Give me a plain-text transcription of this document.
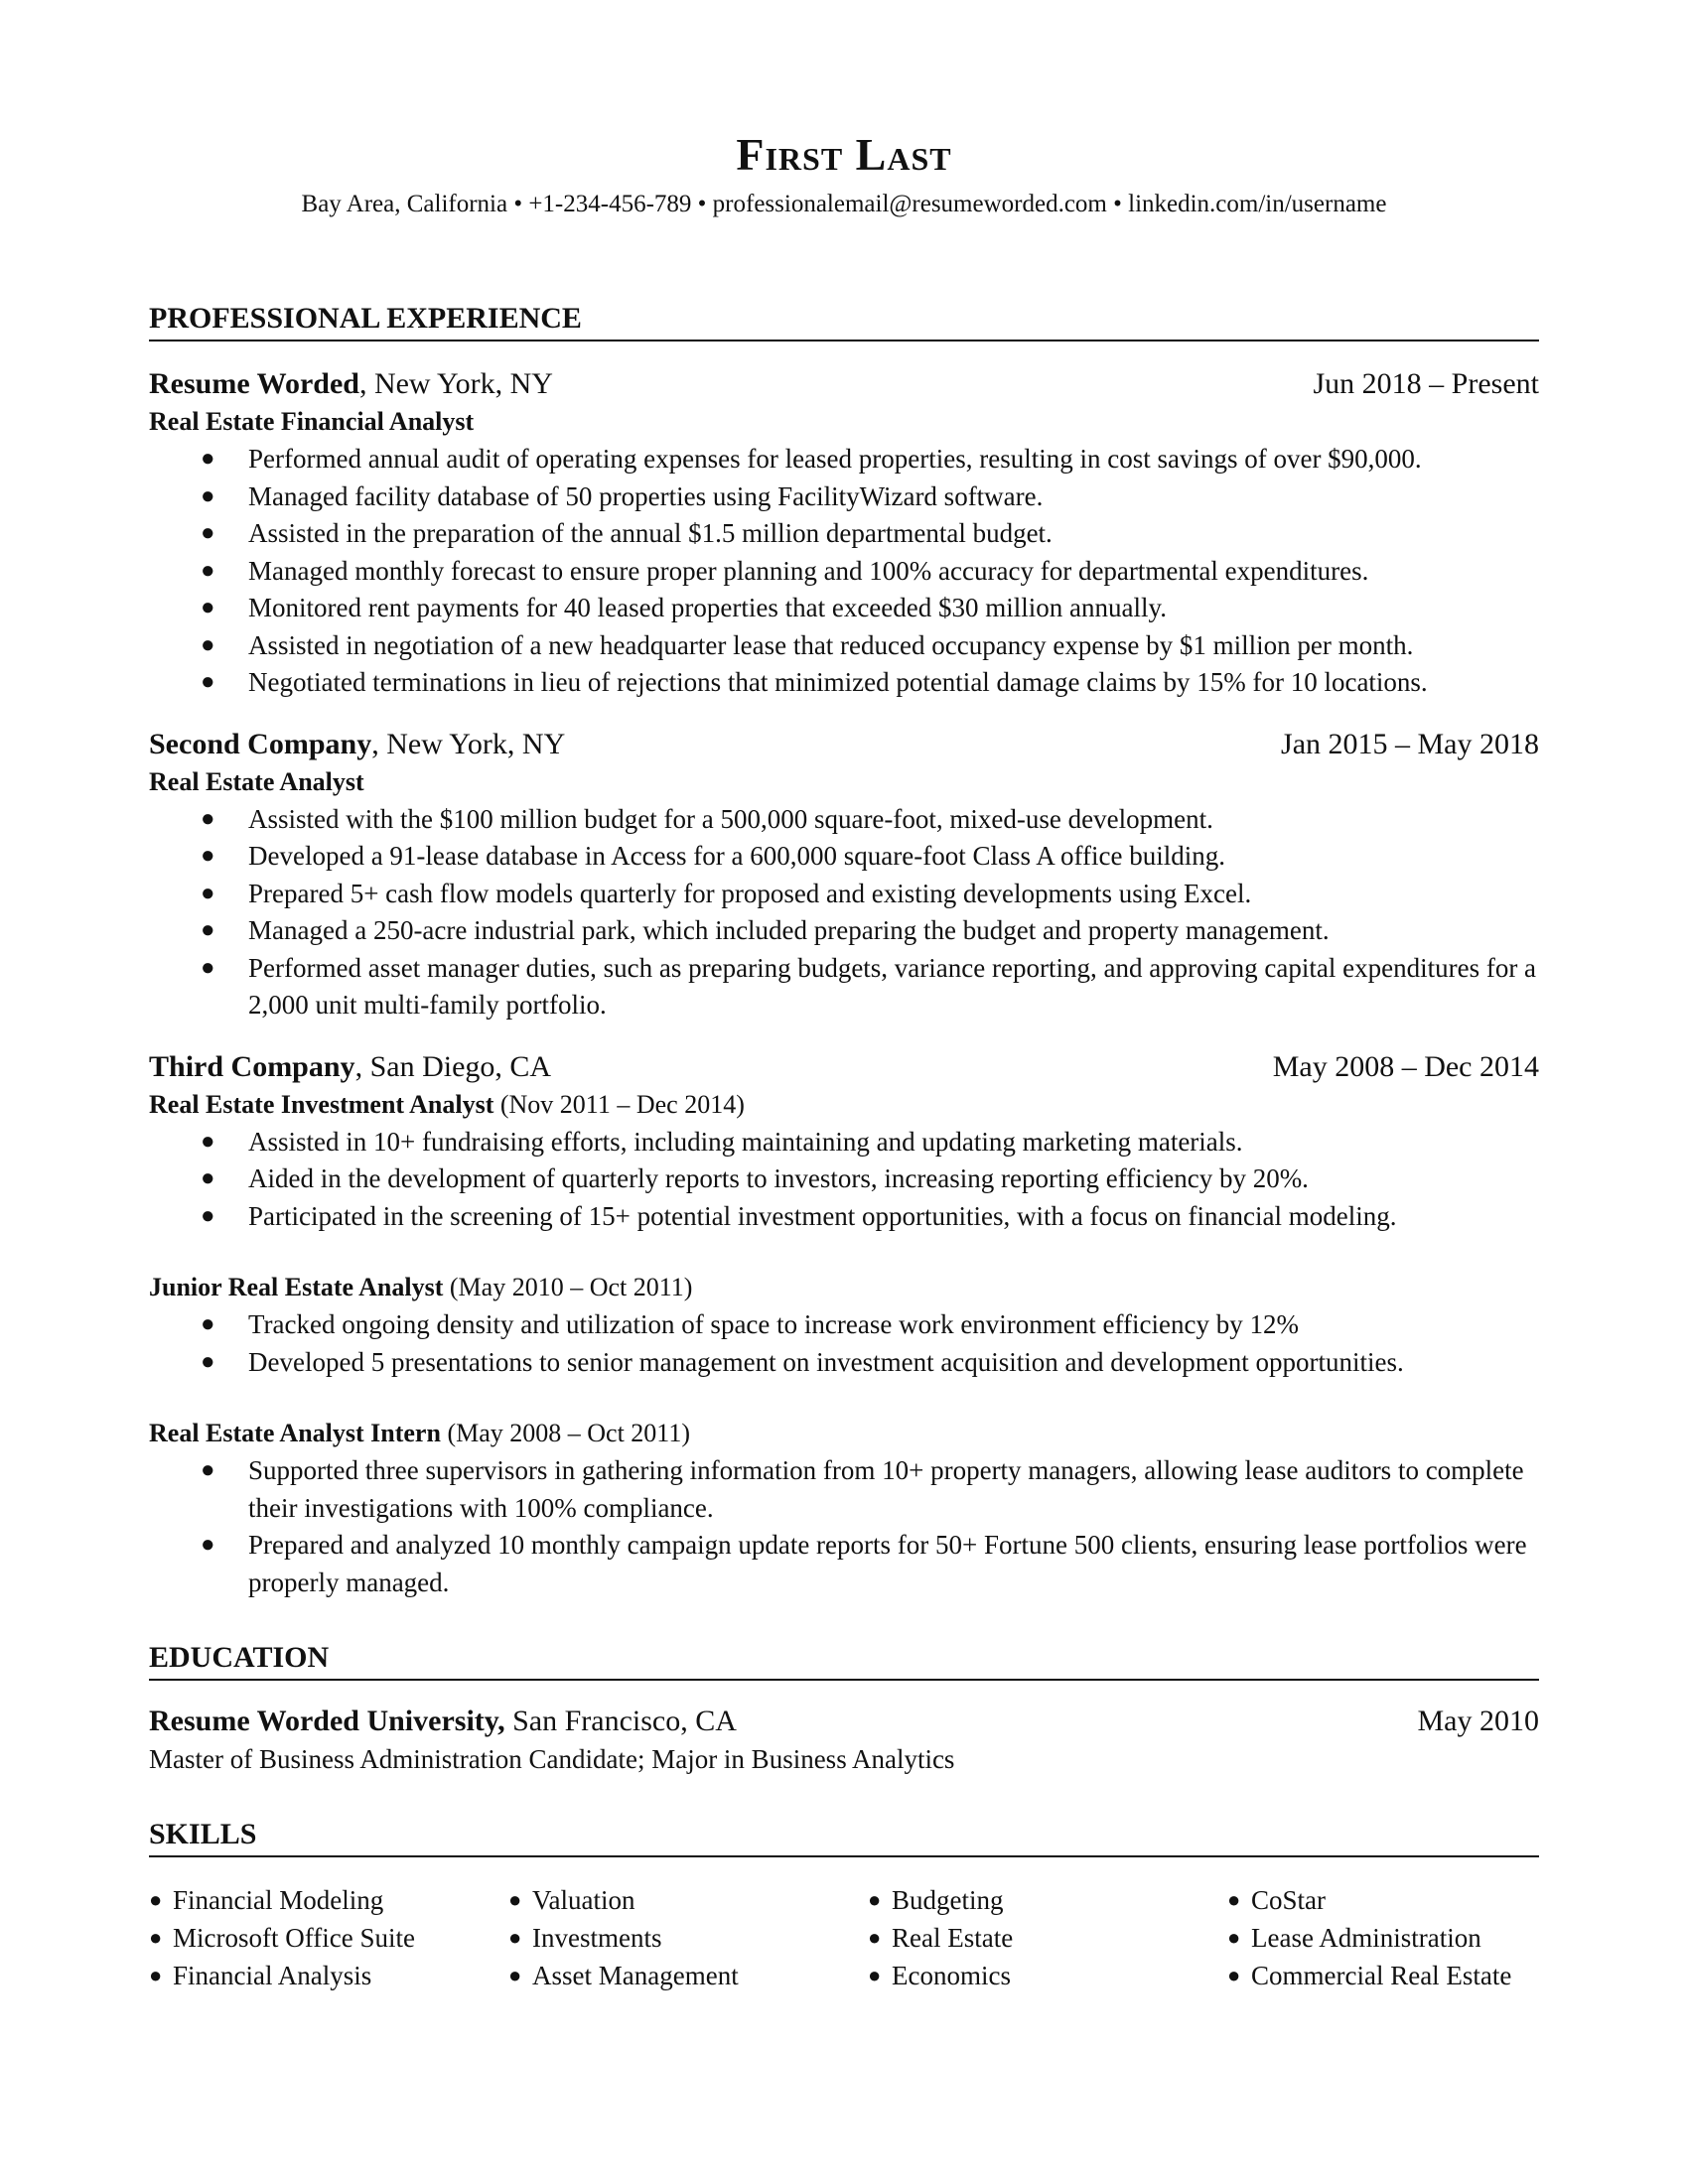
First Last
Bay Area, California • +1-234-456-789 • professionalemail@resumeworded.com • linkedin.com/in/username
PROFESSIONAL EXPERIENCE
Resume Worded, New York, NY	Jun 2018 – Present
Real Estate Financial Analyst
● Performed annual audit of operating expenses for leased properties, resulting in cost savings of over $90,000.
● Managed facility database of 50 properties using FacilityWizard software.
● Assisted in the preparation of the annual $1.5 million departmental budget.
● Managed monthly forecast to ensure proper planning and 100% accuracy for departmental expenditures.
● Monitored rent payments for 40 leased properties that exceeded $30 million annually.
● Assisted in negotiation of a new headquarter lease that reduced occupancy expense by $1 million per month.
● Negotiated terminations in lieu of rejections that minimized potential damage claims by 15% for 10 locations.
Second Company, New York, NY	Jan 2015 – May 2018
Real Estate Analyst
● Assisted with the $100 million budget for a 500,000 square-foot, mixed-use development.
● Developed a 91-lease database in Access for a 600,000 square-foot Class A office building.
● Prepared 5+ cash flow models quarterly for proposed and existing developments using Excel.
● Managed a 250-acre industrial park, which included preparing the budget and property management.
● Performed asset manager duties, such as preparing budgets, variance reporting, and approving capital expenditures for a 2,000 unit multi-family portfolio.
Third Company, San Diego, CA	May 2008 – Dec 2014
Real Estate Investment Analyst (Nov 2011 – Dec 2014)
● Assisted in 10+ fundraising efforts, including maintaining and updating marketing materials.
● Aided in the development of quarterly reports to investors, increasing reporting efficiency by 20%.
● Participated in the screening of 15+ potential investment opportunities, with a focus on financial modeling.
Junior Real Estate Analyst (May 2010 – Oct 2011)
● Tracked ongoing density and utilization of space to increase work environment efficiency by 12%
● Developed 5 presentations to senior management on investment acquisition and development opportunities.
Real Estate Analyst Intern (May 2008 – Oct 2011)
● Supported three supervisors in gathering information from 10+ property managers, allowing lease auditors to complete their investigations with 100% compliance.
● Prepared and analyzed 10 monthly campaign update reports for 50+ Fortune 500 clients, ensuring lease portfolios were properly managed.
EDUCATION
Resume Worded University, San Francisco, CA	May 2010
Master of Business Administration Candidate; Major in Business Analytics
SKILLS
● Financial Modeling	● Valuation	● Budgeting	● CoStar
● Microsoft Office Suite	● Investments	● Real Estate	● Lease Administration
● Financial Analysis	● Asset Management	● Economics	● Commercial Real Estate
